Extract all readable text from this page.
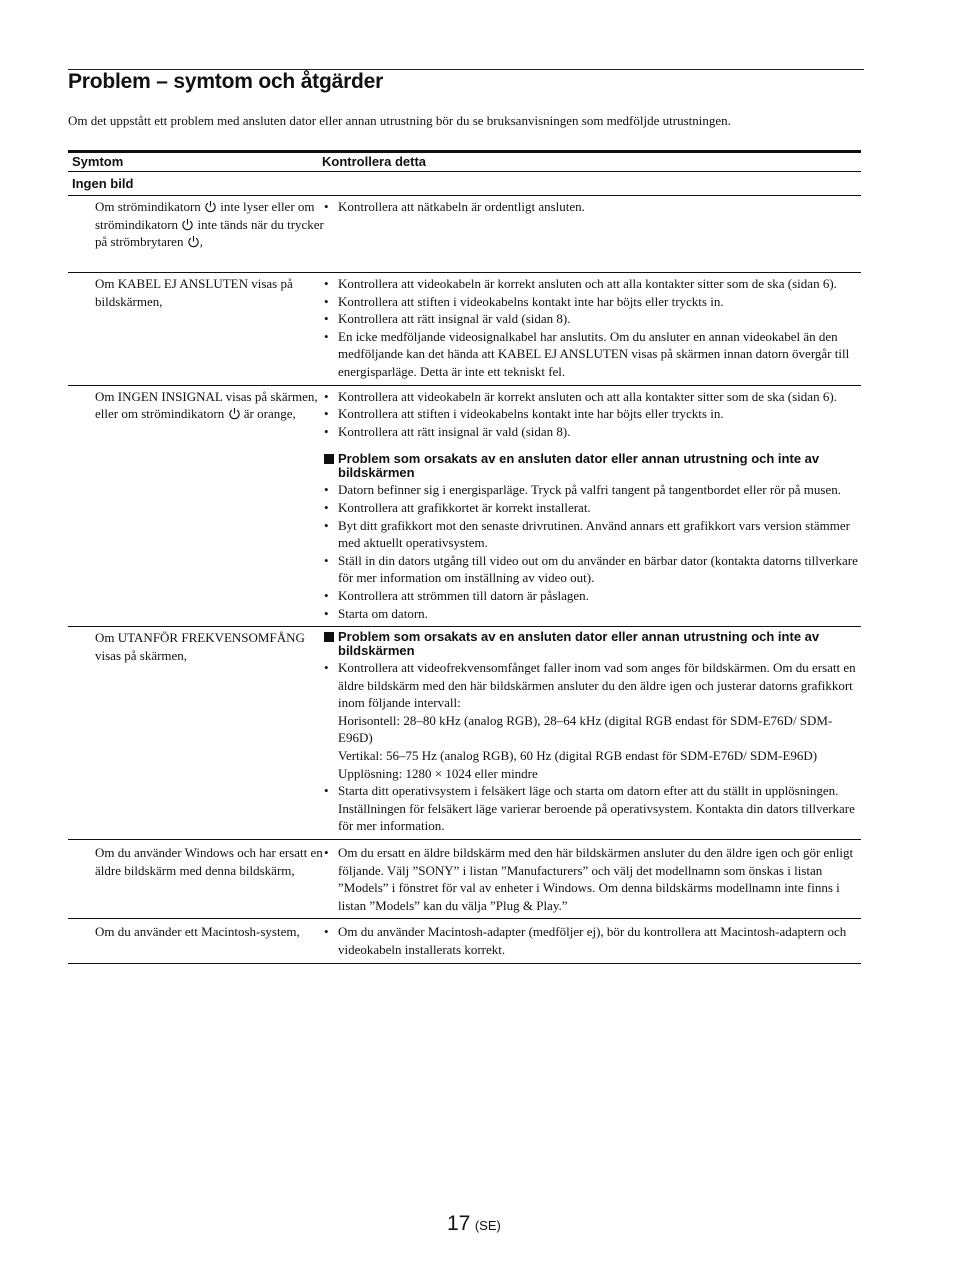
Problem – symtom och åtgärder

Om det uppstått ett problem med ansluten dator eller annan utrustning bör du se bruksanvisningen som medföljde utrustningen.

Symtom	Kontrollera detta
Ingen bild
Om strömindikatorn inte lyser eller om strömindikatorn inte tänds när du trycker på strömbrytaren ,
• Kontrollera att nätkabeln är ordentligt ansluten.
Om KABEL EJ ANSLUTEN visas på bildskärmen,
• Kontrollera att videokabeln är korrekt ansluten och att alla kontakter sitter som de ska (sidan 6).
• Kontrollera att stiften i videokabelns kontakt inte har böjts eller tryckts in.
• Kontrollera att rätt insignal är vald (sidan 8).
• En icke medföljande videosignalkabel har anslutits. Om du ansluter en annan videokabel än den medföljande kan det hända att KABEL EJ ANSLUTEN visas på skärmen innan datorn övergår till energisparläge. Detta är inte ett tekniskt fel.
Om INGEN INSIGNAL visas på skärmen, eller om strömindikatorn är orange,
• Kontrollera att videokabeln är korrekt ansluten och att alla kontakter sitter som de ska (sidan 6).
• Kontrollera att stiften i videokabelns kontakt inte har böjts eller tryckts in.
• Kontrollera att rätt insignal är vald (sidan 8).
Problem som orsakats av en ansluten dator eller annan utrustning och inte av bildskärmen
• Datorn befinner sig i energisparläge. Tryck på valfri tangent på tangentbordet eller rör på musen.
• Kontrollera att grafikkortet är korrekt installerat.
• Byt ditt grafikkort mot den senaste drivrutinen. Använd annars ett grafikkort vars version stämmer med aktuellt operativsystem.
• Ställ in din dators utgång till video out om du använder en bärbar dator (kontakta datorns tillverkare för mer information om inställning av video out).
• Kontrollera att strömmen till datorn är påslagen.
• Starta om datorn.
Om UTANFÖR FREKVENSOMFÅNG visas på skärmen,
Problem som orsakats av en ansluten dator eller annan utrustning och inte av bildskärmen
• Kontrollera att videofrekvensomfånget faller inom vad som anges för bildskärmen. Om du ersatt en äldre bildskärm med den här bildskärmen ansluter du den äldre igen och justerar datorns grafikkort inom följande intervall:
Horisontell: 28–80 kHz (analog RGB), 28–64 kHz (digital RGB endast för SDM-E76D/ SDM-E96D)
Vertikal: 56–75 Hz (analog RGB), 60 Hz (digital RGB endast för SDM-E76D/ SDM-E96D)
Upplösning: 1280 × 1024 eller mindre
• Starta ditt operativsystem i felsäkert läge och starta om datorn efter att du ställt in upplösningen. Inställningen för felsäkert läge varierar beroende på operativsystem. Kontakta din dators tillverkare för mer information.
Om du använder Windows och har ersatt en äldre bildskärm med denna bildskärm,
• Om du ersatt en äldre bildskärm med den här bildskärmen ansluter du den äldre igen och gör enligt följande. Välj ”SONY” i listan ”Manufacturers” och välj det modellnamn som önskas i listan ”Models” i fönstret för val av enheter i Windows. Om denna bildskärms modellnamn inte finns i listan ”Models” kan du välja ”Plug & Play.”
Om du använder ett Macintosh-system,
•	Om du använder Macintosh-adapter (medföljer ej), bör du kontrollera att Macintosh-adaptern och videokabeln installerats korrekt.
17 (SE)
